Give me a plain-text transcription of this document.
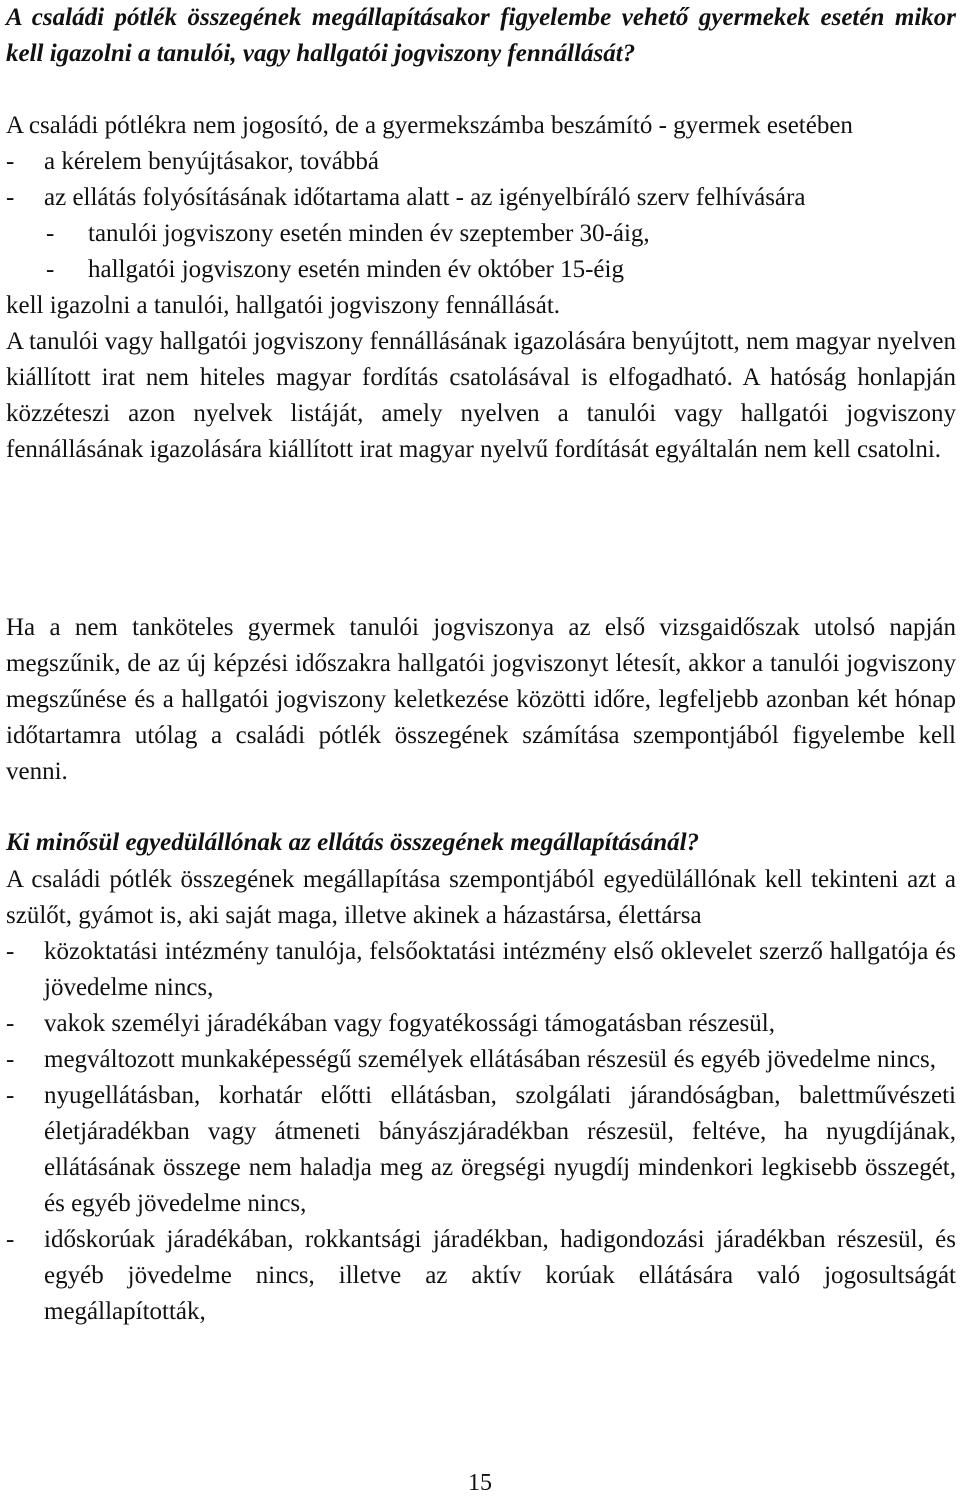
A családi pótlék összegének megállapításakor figyelembe vehető gyermekek esetén mikor kell igazolni a tanulói, vagy hallgatói jogviszony fennállását?

A családi pótlékra nem jogosító, de a gyermekszámba beszámító - gyermek esetében

-	a kérelem benyújtásakor, továbbá
-	az ellátás folyósításának időtartama alatt - az igényelbíráló szerv felhívására
-	tanulói jogviszony esetén minden év szeptember 30-áig,
-	hallgatói jogviszony esetén minden év október 15-éig

kell igazolni a tanulói, hallgatói jogviszony fennállását.

A tanulói vagy hallgatói jogviszony fennállásának igazolására benyújtott, nem magyar nyelven kiállított irat nem hiteles magyar fordítás csatolásával is elfogadható. A hatóság honlapján közzéteszi azon nyelvek listáját, amely nyelven a tanulói vagy hallgatói jogviszony fennállásának igazolására kiállított irat magyar nyelvű fordítását egyáltalán nem kell csatolni.

Ha a nem tanköteles gyermek tanulói jogviszonya az első vizsgaidőszak utolsó napján megszűnik, de az új képzési időszakra hallgatói jogviszonyt létesít, akkor a tanulói jogviszony megszűnése és a hallgatói jogviszony keletkezése közötti időre, legfeljebb azonban két hónap időtartamra utólag a családi pótlék összegének számítása szempontjából figyelembe kell venni.

Ki minősül egyedülállónak az ellátás összegének megállapításánál?

A családi pótlék összegének megállapítása szempontjából egyedülállónak kell tekinteni azt a szülőt, gyámot is, aki saját maga, illetve akinek a házastársa, élettársa

-	közoktatási intézmény tanulója, felsőoktatási intézmény első oklevelet szerző hallgatója és jövedelme nincs,
-	vakok személyi járadékában vagy fogyatékossági támogatásban részesül,
-	megváltozott munkaképességű személyek ellátásában részesül és egyéb jövedelme nincs,
-	nyugellátásban, korhatár előtti ellátásban, szolgálati járandóságban, balettművészeti életjáradékban vagy átmeneti bányászjáradékban részesül, feltéve, ha nyugdíjának, ellátásának összege nem haladja meg az öregségi nyugdíj mindenkori legkisebb összegét, és egyéb jövedelme nincs,
-	időskorúak járadékában, rokkantsági járadékban, hadigondozási járadékban részesül, és egyéb jövedelme nincs, illetve az aktív korúak ellátására való jogosultságát megállapították,
15
